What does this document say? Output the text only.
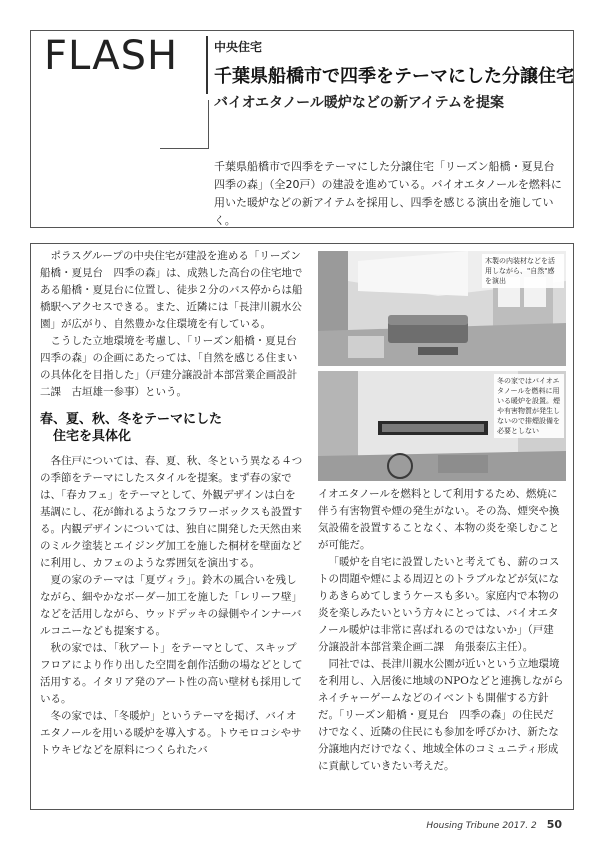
FLASH	中央住宅
千葉県船橋市で四季をテーマにした分譲住宅
バイオエタノール暖炉などの新アイテムを提案

千葉県船橋市で四季をテーマにした分譲住宅「リーズン船橋・夏見台

四季の森」（全20戸）の建設を進めている。バイオエタノールを燃料に

用いた暖炉などの新アイテムを採用し、四季を感じる演出を施していく。

ポラスグループの中央住宅が建設を進める「リーズン船橋・夏見台　四季の森」は、成熟した高台の住宅地である船橋・夏見台に位置し、徒歩２分のバス停からは船橋駅へアクセスできる。また、近隣には「長津川親水公園」が広がり、自然豊かな住環境を有している。

こうした立地環境を考慮し、「リーズン船橋・夏見台　四季の森」の企画にあたっては、「自然を感じる住まいの具体化を目指した」（戸建分譲設計本部営業企画設計二課　古垣雄一参事）という。

春、夏、秋、冬をテーマにした
住宅を具体化

各住戸については、春、夏、秋、冬という異なる４つの季節をテーマにしたスタイルを提案。まず春の家では、「春カフェ」をテーマとして、外観デザインは白を基調にし、花が飾れるようなフラワーボックスも設置する。内観デザインについては、独自に開発した天然由来のミルク塗装とエイジング加工を施した桐材を壁面などに利用し、カフェのような雰囲気を演出する。

夏の家のテーマは「夏ヴィラ」。鈴木の風合いを残しながら、細やかなボーダー加工を施した「レリーフ壁」などを活用しながら、ウッドデッキの緑側やインナーバルコニーなども提案する。

秋の家では、「秋アート」をテーマとして、スキップフロアにより作り出した空間を創作活動の場などとして活用する。イタリア発のアート性の高い壁材も採用している。

冬の家では、「冬暖炉」というテーマを掲げ、バイオエタノールを用いる暖炉を導入する。トウモロコシやサトウキビなどを原料につくられたバ

木製の内装材などを活用しながら、"自然"感を演出
冬の家ではバイオエタノールを燃料に用いる暖炉を設置。煙や有害物質が発生しないので排煙設備を必要としない

イオエタノールを燃料として利用するため、燃焼に伴う有害物質や煙の発生がない。その為、煙突や換気設備を設置することなく、本物の炎を楽しむことが可能だ。

「暖炉を自宅に設置したいと考えても、薪のコストの問題や煙による周辺とのトラブルなどが気になりあきらめてしまうケースも多い。家庭内で本物の炎を楽しみたいという方々にとっては、バイオエタノール暖炉は非常に喜ばれるのではないか」（戸建分譲設計本部営業企画二課　角張泰広主任）。

同社では、長津川親水公園が近いという立地環境を利用し、入居後に地域のNPOなどと連携しながらネイチャーゲームなどのイベントも開催する方針だ。「リーズン船橋・夏見台　四季の森」の住民だけでなく、近隣の住民にも参加を呼びかけ、新たな分譲地内だけでなく、地域全体のコミュニティ形成に貢献していきたい考えだ。

Housing Tribune 2017. 2 50
